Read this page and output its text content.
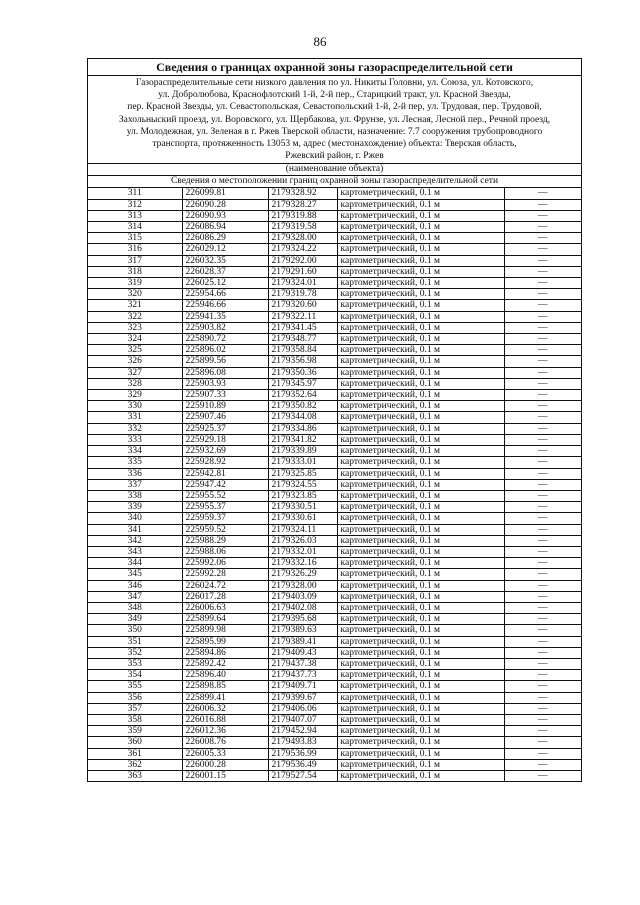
86
Сведения о границах охранной зоны газораспределительной сети
Газораспределительные сети низкого давления по ул. Никиты Головни, ул. Союза, ул. Котовского,
ул. Добролюбова, Краснофлотский 1-й, 2-й пер., Старицкий тракт, ул. Красной Звезды,
пер. Красной Звезды, ул. Севастопольская, Севастопольский 1-й, 2-й пер, ул. Трудовая, пер. Трудовой,
Захольныский проезд, ул. Воровского, ул. Щербакова, ул. Фрунзе, ул. Лесная, Лесной пер., Речной проезд,
ул. Молодежная, ул. Зеленая в г. Ржев Тверской области, назначение: 7.7 сооружения трубопроводного
транспорта, протяженность 13053 м, адрес (местонахождение) объекта: Тверская область,
Ржевский район, г. Ржев
(наименование объекта)
Сведения о местоположении границ охранной зоны газораспределительной сети
311	226099.81	2179328.92	картометрический, 0.1 м	—
312	226090.28	2179328.27	картометрический, 0.1 м	—
313	226090.93	2179319.88	картометрический, 0.1 м	—
314	226086.94	2179319.58	картометрический, 0.1 м	—
315	226086.29	2179328.00	картометрический, 0.1 м	—
316	226029.12	2179324.22	картометрический, 0.1 м	—
317	226032.35	2179292.00	картометрический, 0.1 м	—
318	226028.37	2179291.60	картометрический, 0.1 м	—
319	226025.12	2179324.01	картометрический, 0.1 м	—
320	225954.66	2179319.78	картометрический, 0.1 м	—
321	225946.66	2179320.60	картометрический, 0.1 м	—
322	225941.35	2179322.11	картометрический, 0.1 м	—
323	225903.82	2179341.45	картометрический, 0.1 м	—
324	225890.72	2179348.77	картометрический, 0.1 м	—
325	225896.02	2179358.84	картометрический, 0.1 м	—
326	225899.56	2179356.98	картометрический, 0.1 м	—
327	225896.08	2179350.36	картометрический, 0.1 м	—
328	225903.93	2179345.97	картометрический, 0.1 м	—
329	225907.33	2179352.64	картометрический, 0.1 м	—
330	225910.89	2179350.82	картометрический, 0.1 м	—
331	225907.46	2179344.08	картометрический, 0.1 м	—
332	225925.37	2179334.86	картометрический, 0.1 м	—
333	225929.18	2179341.82	картометрический, 0.1 м	—
334	225932.69	2179339.89	картометрический, 0.1 м	—
335	225928.92	2179333.01	картометрический, 0.1 м	—
336	225942.81	2179325.85	картометрический, 0.1 м	—
337	225947.42	2179324.55	картометрический, 0.1 м	—
338	225955.52	2179323.85	картометрический, 0.1 м	—
339	225955.37	2179330.51	картометрический, 0.1 м	—
340	225959.37	2179330.61	картометрический, 0.1 м	—
341	225959.52	2179324.11	картометрический, 0.1 м	—
342	225988.29	2179326.03	картометрический, 0.1 м	—
343	225988.06	2179332.01	картометрический, 0.1 м	—
344	225992.06	2179332.16	картометрический, 0.1 м	—
345	225992.28	2179326.29	картометрический, 0.1 м	—
346	226024.72	2179328.00	картометрический, 0.1 м	—
347	226017.28	2179403.09	картометрический, 0.1 м	—
348	226006.63	2179402.08	картометрический, 0.1 м	—
349	225899.64	2179395.68	картометрический, 0.1 м	—
350	225899.98	2179389.63	картометрический, 0.1 м	—
351	225895.99	2179389.41	картометрический, 0.1 м	—
352	225894.86	2179409.43	картометрический, 0.1 м	—
353	225892.42	2179437.38	картометрический, 0.1 м	—
354	225896.40	2179437.73	картометрический, 0.1 м	—
355	225898.85	2179409.71	картометрический, 0.1 м	—
356	225899.41	2179399.67	картометрический, 0.1 м	—
357	226006.32	2179406.06	картометрический, 0.1 м	—
358	226016.88	2179407.07	картометрический, 0.1 м	—
359	226012.36	2179452.94	картометрический, 0.1 м	—
360	226008.76	2179493.83	картометрический, 0.1 м	—
361	226005.33	2179536.99	картометрический, 0.1 м	—
362	226000.28	2179536.49	картометрический, 0.1 м	—
363	226001.15	2179527.54	картометрический, 0.1 м	—
